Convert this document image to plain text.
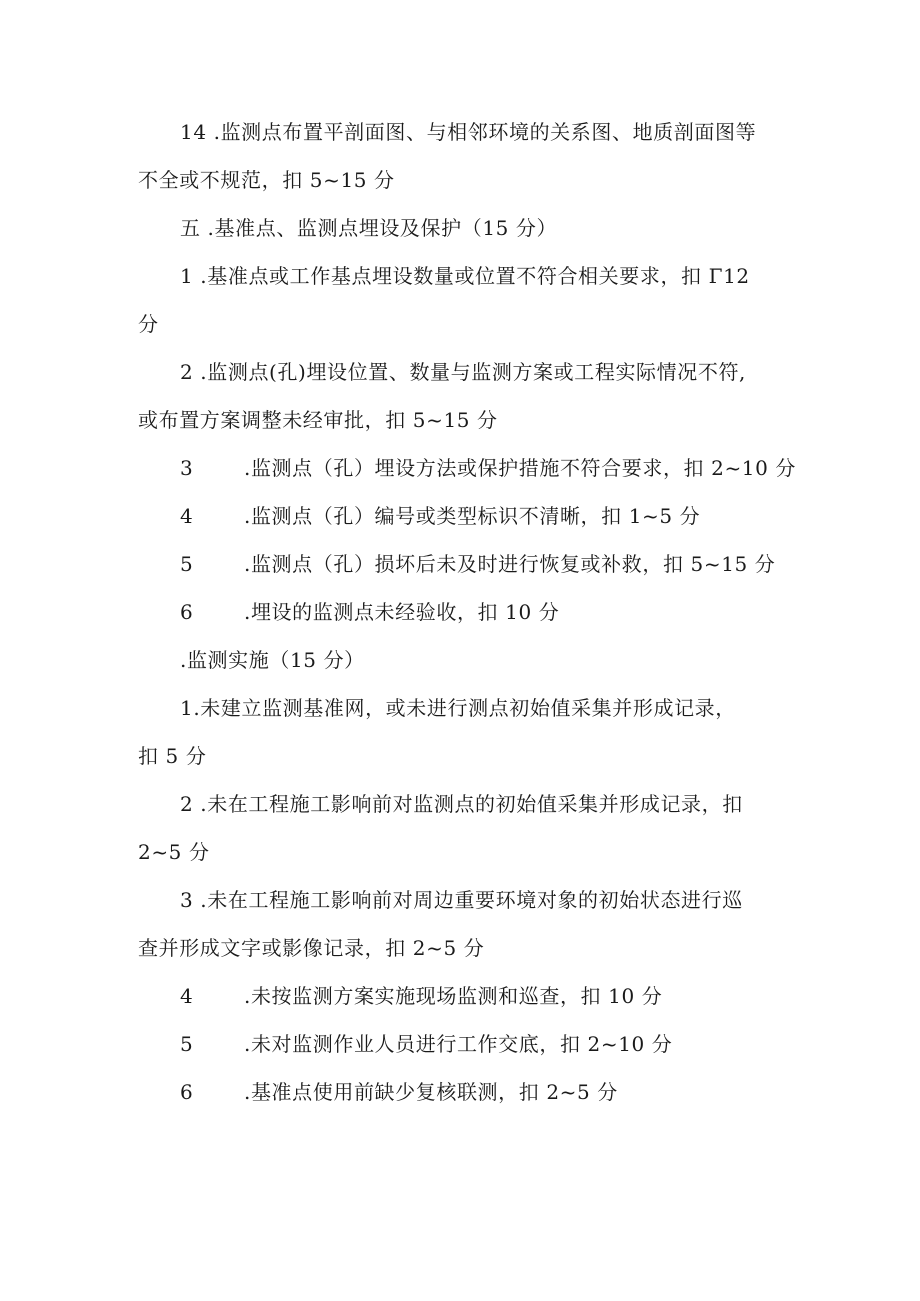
14 .监测点布置平剖面图、与相邻环境的关系图、地质剖面图等
不全或不规范，扣 5~15 分
五 .基准点、监测点埋设及保护（15 分）
1 .基准点或工作基点埋设数量或位置不符合相关要求，扣 Γ12
分
2 .监测点(孔)埋设位置、数量与监测方案或工程实际情况不符,
或布置方案调整未经审批，扣 5~15 分
3	.监测点（孔）埋设方法或保护措施不符合要求，扣 2~10 分
4	.监测点（孔）编号或类型标识不清晰，扣 1~5 分
5	.监测点（孔）损坏后未及时进行恢复或补救，扣 5~15 分
6	.埋设的监测点未经验收，扣 10 分
.监测实施（15 分）
1.未建立监测基准网，或未进行测点初始值采集并形成记录，
扣 5 分
2 .未在工程施工影响前对监测点的初始值采集并形成记录，扣
2~5 分
3 .未在工程施工影响前对周边重要环境对象的初始状态进行巡
查并形成文字或影像记录，扣 2~5 分
4	.未按监测方案实施现场监测和巡查，扣 10 分
5	.未对监测作业人员进行工作交底，扣 2~10 分
6	.基准点使用前缺少复核联测，扣 2~5 分
